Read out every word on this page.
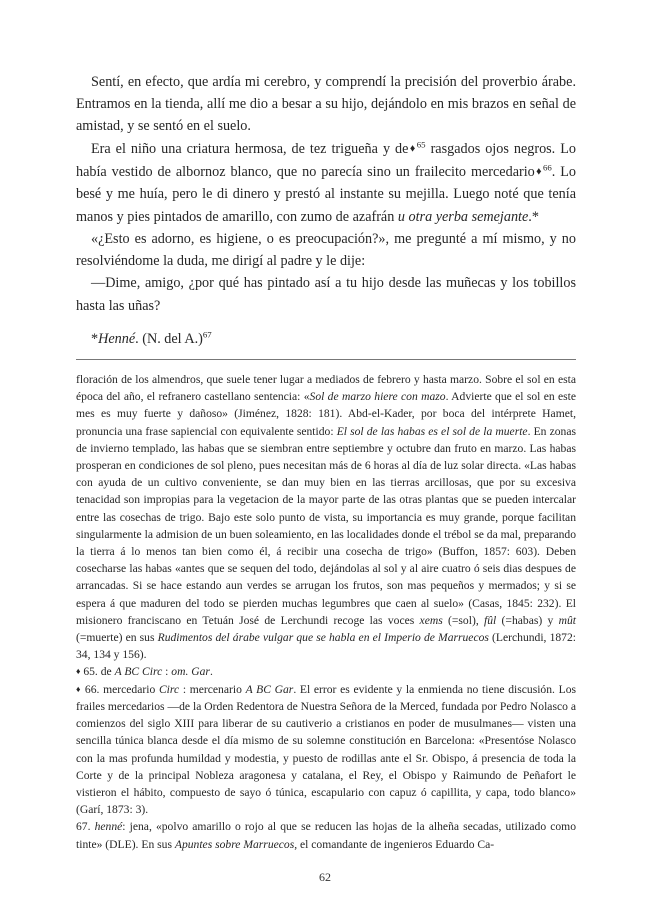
Sentí, en efecto, que ardía mi cerebro, y comprendí la precisión del proverbio árabe. Entramos en la tienda, allí me dio a besar a su hijo, dejándolo en mis brazos en señal de amistad, y se sentó en el suelo.

Era el niño una criatura hermosa, de tez trigueña y de♦$^{65}$ rasgados ojos negros. Lo había vestido de albornoz blanco, que no parecía sino un frailecito mercedario♦$^{66}$. Lo besé y me huía, pero le di dinero y prestó al instante su mejilla. Luego noté que tenía manos y pies pintados de amarillo, con zumo de azafrán u otra yerba semejante.*

«¿Esto es adorno, es higiene, o es preocupación?», me pregunté a mí mismo, y no resolviéndome la duda, me dirigí al padre y le dije:

—Dime, amigo, ¿por qué has pintado así a tu hijo desde las muñecas y los tobillos hasta las uñas?

*Henné. (N. del A.)$^{67}$

floración de los almendros, que suele tener lugar a mediados de febrero y hasta marzo. Sobre el sol en esta época del año, el refranero castellano sentencia: «Sol de marzo hiere con mazo. Advierte que el sol en este mes es muy fuerte y dañoso» (Jiménez, 1828: 181). Abd-el-Kader, por boca del intérprete Hamet, pronuncia una frase sapiencial con equivalente sentido: El sol de las habas es el sol de la muerte. En zonas de invierno templado, las habas que se siembran entre septiembre y octubre dan fruto en marzo. Las habas prosperan en condiciones de sol pleno, pues necesitan más de 6 horas al día de luz solar directa. «Las habas con ayuda de un cultivo conveniente, se dan muy bien en las tierras arcillosas, que por su excesiva tenacidad son impropias para la vegetacion de la mayor parte de las otras plantas que se pueden intercalar entre las cosechas de trigo. Bajo este solo punto de vista, su importancia es muy grande, porque facilitan singularmente la admision de un buen soleamiento, en las localidades donde el trébol se da mal, preparando la tierra á lo menos tan bien como él, á recibir una cosecha de trigo» (Buffon, 1857: 603). Deben cosecharse las habas «antes que se sequen del todo, dejándolas al sol y al aire cuatro ó seis dias despues de arrancadas. Si se hace estando aun verdes se arrugan los frutos, son mas pequeños y mermados; y si se espera á que maduren del todo se pierden muchas legumbres que caen al suelo» (Casas, 1845: 232). El misionero franciscano en Tetuán José de Lerchundi recoge las voces xems (=sol), fûl (=habas) y mût (=muerte) en sus Rudimentos del árabe vulgar que se habla en el Imperio de Marruecos (Lerchundi, 1872: 34, 134 y 156).

♦ 65. de A BC Circ : om. Gar.

♦ 66. mercedario Circ : mercenario A BC Gar. El error es evidente y la enmienda no tiene discusión. Los frailes mercedarios —de la Orden Redentora de Nuestra Señora de la Merced, fundada por Pedro Nolasco a comienzos del siglo XIII para liberar de su cautiverio a cristianos en poder de musulmanes— visten una sencilla túnica blanca desde el día mismo de su solemne constitución en Barcelona: «Presentóse Nolasco con la mas profunda humildad y modestia, y puesto de rodillas ante el Sr. Obispo, á presencia de toda la Corte y de la principal Nobleza aragonesa y catalana, el Rey, el Obispo y Raimundo de Peñafort le vistieron el hábito, compuesto de sayo ó túnica, escapulario con capuz ó capillita, y capa, todo blanco» (Garí, 1873: 3).

67. henné: jena, «polvo amarillo o rojo al que se reducen las hojas de la alheña secadas, utilizado como tinte» (DLE). En sus Apuntes sobre Marruecos, el comandante de ingenieros Eduardo Ca-

62
